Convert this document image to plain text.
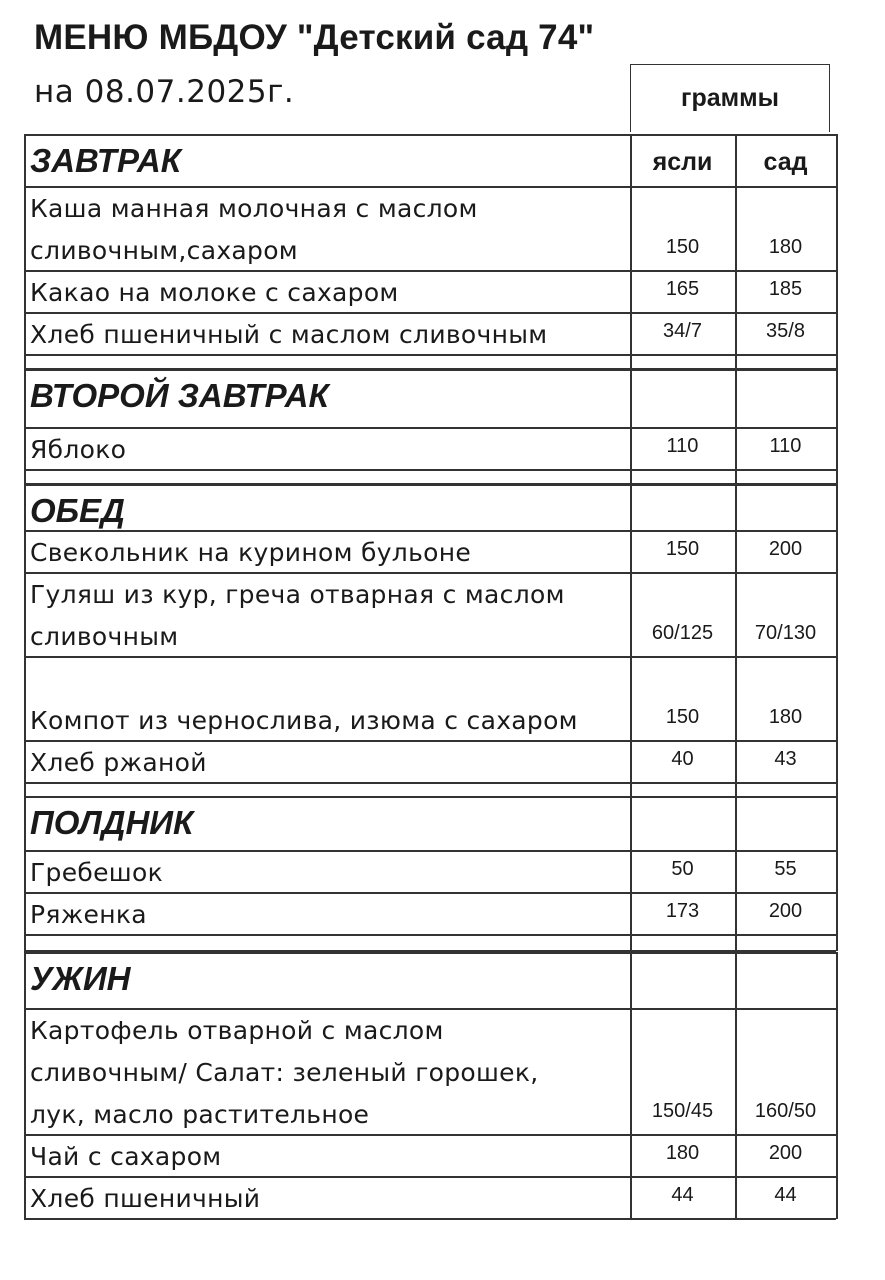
МЕНЮ МБДОУ "Детский сад 74"
на 08.07.2025г.	граммы
ЗАВТРАК	ясли	сад
Каша манная молочная с маслом
сливочным,сахаром	150	180
Какао на молоке с сахаром	165	185
Хлеб пшеничный с маслом сливочным	34/7	35/8
ВТОРОЙ ЗАВТРАК
Яблоко	110	110
ОБЕД
Свекольник на курином бульоне	150	200
Гуляш из кур, греча отварная с маслом
сливочным	60/125	70/130
Компот из чернослива, изюма с сахаром	150	180
Хлеб ржаной	40	43
ПОЛДНИК
Гребешок	50	55
Ряженка	173	200
УЖИН
Картофель отварной с маслом
сливочным/ Салат: зеленый горошек,
лук, масло растительное	150/45	160/50
Чай с сахаром	180	200
Хлеб пшеничный	44	44
